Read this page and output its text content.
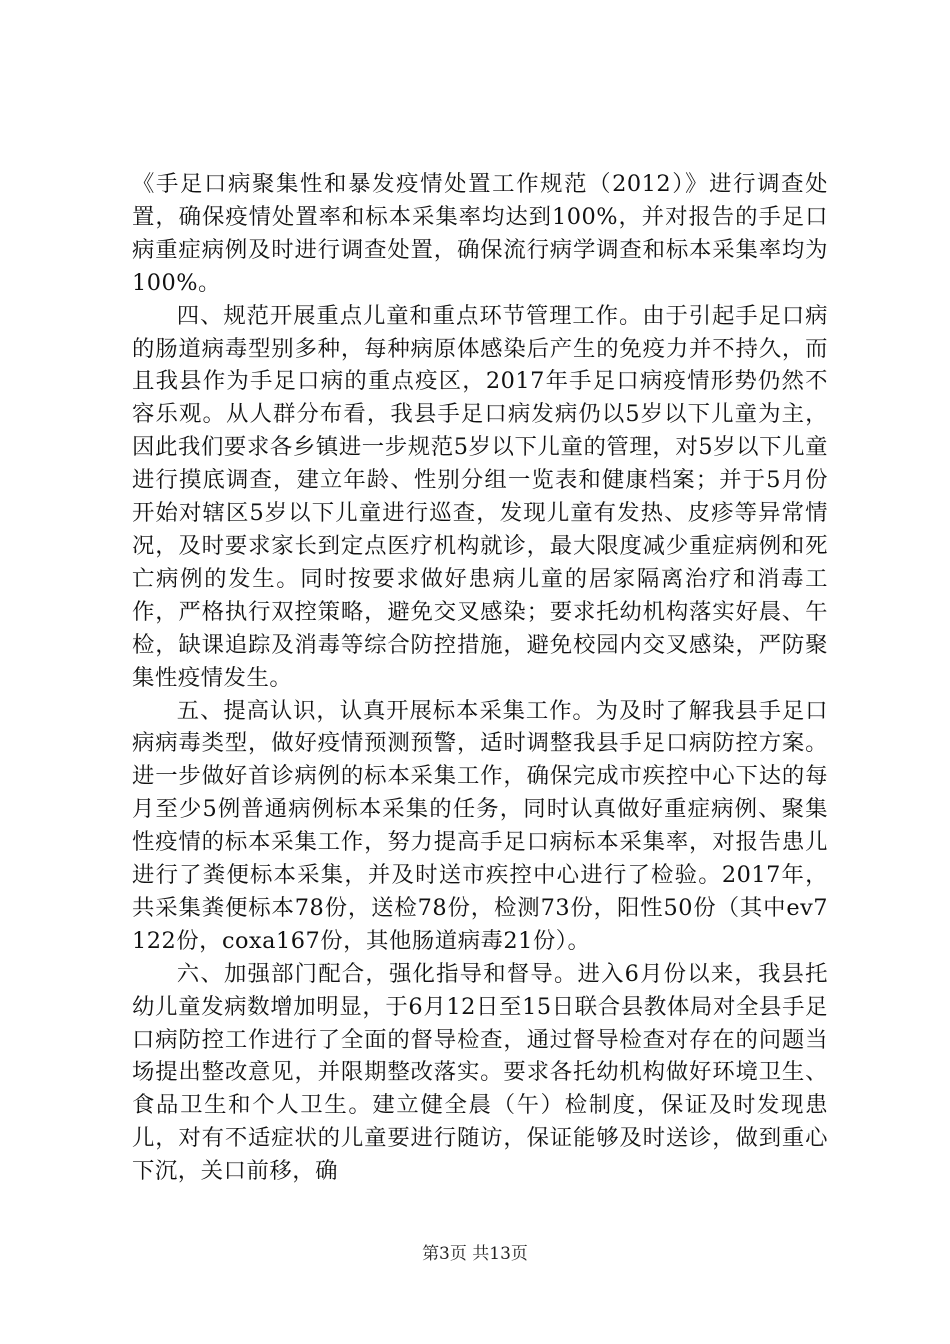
《手足口病聚集性和暴发疫情处置工作规范（2012）》进行调查处置，确保疫情处置率和标本采集率均达到100%，并对报告的手足口病重症病例及时进行调查处置，确保流行病学调查和标本采集率均为100%。

四、规范开展重点儿童和重点环节管理工作。由于引起手足口病的肠道病毒型别多种，每种病原体感染后产生的免疫力并不持久，而且我县作为手足口病的重点疫区，2017年手足口病疫情形势仍然不容乐观。从人群分布看，我县手足口病发病仍以5岁以下儿童为主，因此我们要求各乡镇进一步规范5岁以下儿童的管理，对5岁以下儿童进行摸底调查，建立年龄、性别分组一览表和健康档案；并于5月份开始对辖区5岁以下儿童进行巡查，发现儿童有发热、皮疹等异常情况，及时要求家长到定点医疗机构就诊，最大限度减少重症病例和死亡病例的发生。同时按要求做好患病儿童的居家隔离治疗和消毒工作，严格执行双控策略，避免交叉感染；要求托幼机构落实好晨、午检，缺课追踪及消毒等综合防控措施，避免校园内交叉感染，严防聚集性疫情发生。

五、提高认识，认真开展标本采集工作。为及时了解我县手足口病病毒类型，做好疫情预测预警，适时调整我县手足口病防控方案。进一步做好首诊病例的标本采集工作，确保完成市疾控中心下达的每月至少5例普通病例标本采集的任务，同时认真做好重症病例、聚集性疫情的标本采集工作，努力提高手足口病标本采集率，对报告患儿进行了粪便标本采集，并及时送市疾控中心进行了检验。2017年，共采集粪便标本78份，送检78份，检测73份，阳性50份（其中ev7122份，coxa167份，其他肠道病毒21份）。

六、加强部门配合，强化指导和督导。进入6月份以来，我县托幼儿童发病数增加明显，于6月12日至15日联合县教体局对全县手足口病防控工作进行了全面的督导检查，通过督导检查对存在的问题当场提出整改意见，并限期整改落实。要求各托幼机构做好环境卫生、食品卫生和个人卫生。建立健全晨（午）检制度，保证及时发现患儿，对有不适症状的儿童要进行随访，保证能够及时送诊，做到重心下沉，关口前移，确

第3页 共13页
